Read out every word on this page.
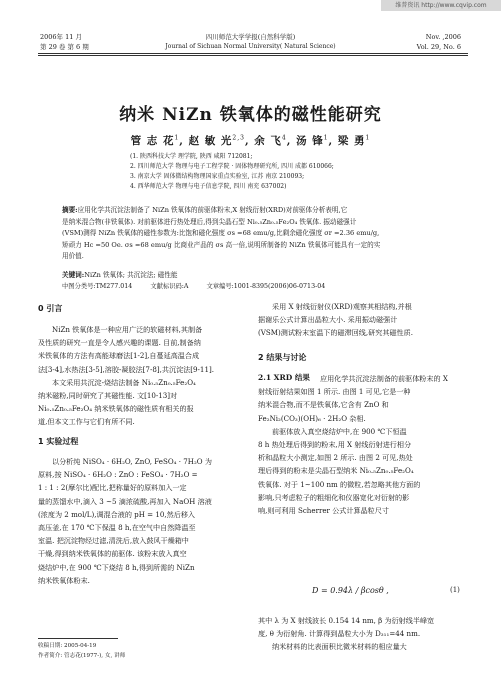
维普资讯 http://www.cqvip.com
2006年 11 月
第 29 卷 第 6 期
四川师范大学学报(自然科学版)
Journal of Sichuan Normal University( Natural Science)
Nov. ,2006
Vol. 29, No. 6
纳米 NiZn 铁氧体的磁性能研究
管 志 花$^1$, 赵 敏 光$^{2,3}$, 余 飞$^4$, 汤 锋$^1$, 梁 勇$^1$
(1. 陕西科技大学 理学院, 陕西 咸阳 712081;
2. 四川师范大学 物理与电子工程学院 · 固体物理研究所, 四川 成都 610066;
3. 南京大学 固体微结构物理国家重点实验室, 江苏 南京 210093;
4. 西华师范大学 物理与电子信息学院, 四川 南充 637002)
摘要:应用化学共沉淀法制备了 NiZn 铁氧体的前驱体粉末,X 射线衍射(XRD)对前驱体分析表明,它
是纳米混合物(非铁氧体). 对前驱体进行热处理后,得到尖晶石型 Ni₀.₅Zn₀.₅Fe₂O₄ 铁氧体. 振动磁强计
(VSM)测得 NiZn 铁氧体的磁性参数为:比饱和磁化强度 σs =68 emu/g,比剩余磁化强度 σr =2.36 emu/g,
矫顽力 Hc =50 Oe. σs =68 emu/g 比商业产品的 σs 高一倍,说明所制备的 NiZn 铁氧体可能具有一定的实
用价值.
关键词:NiZn 铁氧体; 共沉淀法; 磁性能
中图分类号:TM277.014	文献标识码:A	文章编号:1001-8395(2006)06-0713-04
0 引言

NiZn 铁氧体是一种应用广泛的软磁材料,其制备

及性质的研究一直是令人感兴趣的课题. 目前,制备纳

米铁氧体的方法有高能球磨法[1-2],自蔓延高温合成

法[3-4],水热法[3-5],溶胶-凝胶法[7-8],共沉淀法[9-11].

本文采用共沉淀-烧结法制备 Ni₀.₅Zn₀.₅Fe₂O₄

纳米磁粉,同时研究了其磁性能. 文[10-13]对

Ni₀.₅Zn₀.₅Fe₂O₄ 纳米铁氧体的磁性质有相关的报

道,但本文工作与它们有所不同.

1 实验过程

以分析纯 NiSO₄ · 6H₂O, ZnO, FeSO₄ · 7H₂O 为

原料,按 NiSO₄ · 6H₂O : ZnO : FeSO₄ · 7H₂O =

1 : 1 : 2(摩尔比)配比,把称量好的原料加入一定

量的蒸馏水中,滴入 3 ~5 滴浓硫酸,再加入 NaOH 溶液

(浓度为 2 mol/L),调混合液的 pH = 10,然后移入

高压釜,在 170 ℃下保温 8 h,在空气中自然降温至

室温. 把沉淀物经过滤,清洗后,放入鼓风干燥箱中

干燥,得到纳米铁氧体的前驱体. 该粉末放入真空

烧结炉中,在 900 ℃下烧结 8 h,得到所需的 NiZn

纳米铁氧体粉末.

收稿日期: 2005-04-19
作者简介: 管志花(1977-), 女, 讲师

采用 X 射线衍射仪(XRD)观察其相结构,并根

据谢乐公式计算出晶粒大小. 采用振动磁强计

(VSM)测试粉末室温下的磁滞回线,研究其磁性质.

2 结果与讨论
2.1 XRD 结果	应用化学共沉淀法制备的前驱体粉末的 X

射线衍射结果如图 1 所示. 由图 1 可见,它是一种

纳米混合物,而不是铁氧体,它含有 ZnO 和

Fe₂Ni₂(CO₃)(OH)₆ · 2H₂O 杂相.

前驱体放入真空烧结炉中,在 900 ℃下恒温

8 h 热处理后得到的粉末,用 X 射线衍射进行相分

析和晶粒大小测定,如图 2 所示. 由图 2 可见,热处

理后得到的粉末是尖晶石型纳米 Ni₀.₅Zn₀.₅Fe₂O₄

铁氧体. 对于 1~100 nm 的微粒,若忽略其他方面的

影响,只考虑粒子的粗细化和仪器宽化对衍射的影

响,则可利用 Scherrer 公式计算晶粒尺寸

D = 0.94λ / βcosθ ,	(1)

其中 λ 为 X 射线波长 0.154 14 nm, β 为衍射线半峰宽

度, θ 为衍射角. 计算得到晶粒大小为 D₃₁₁=44 nm.

纳米材料的比表面积比微米材料的相应量大
